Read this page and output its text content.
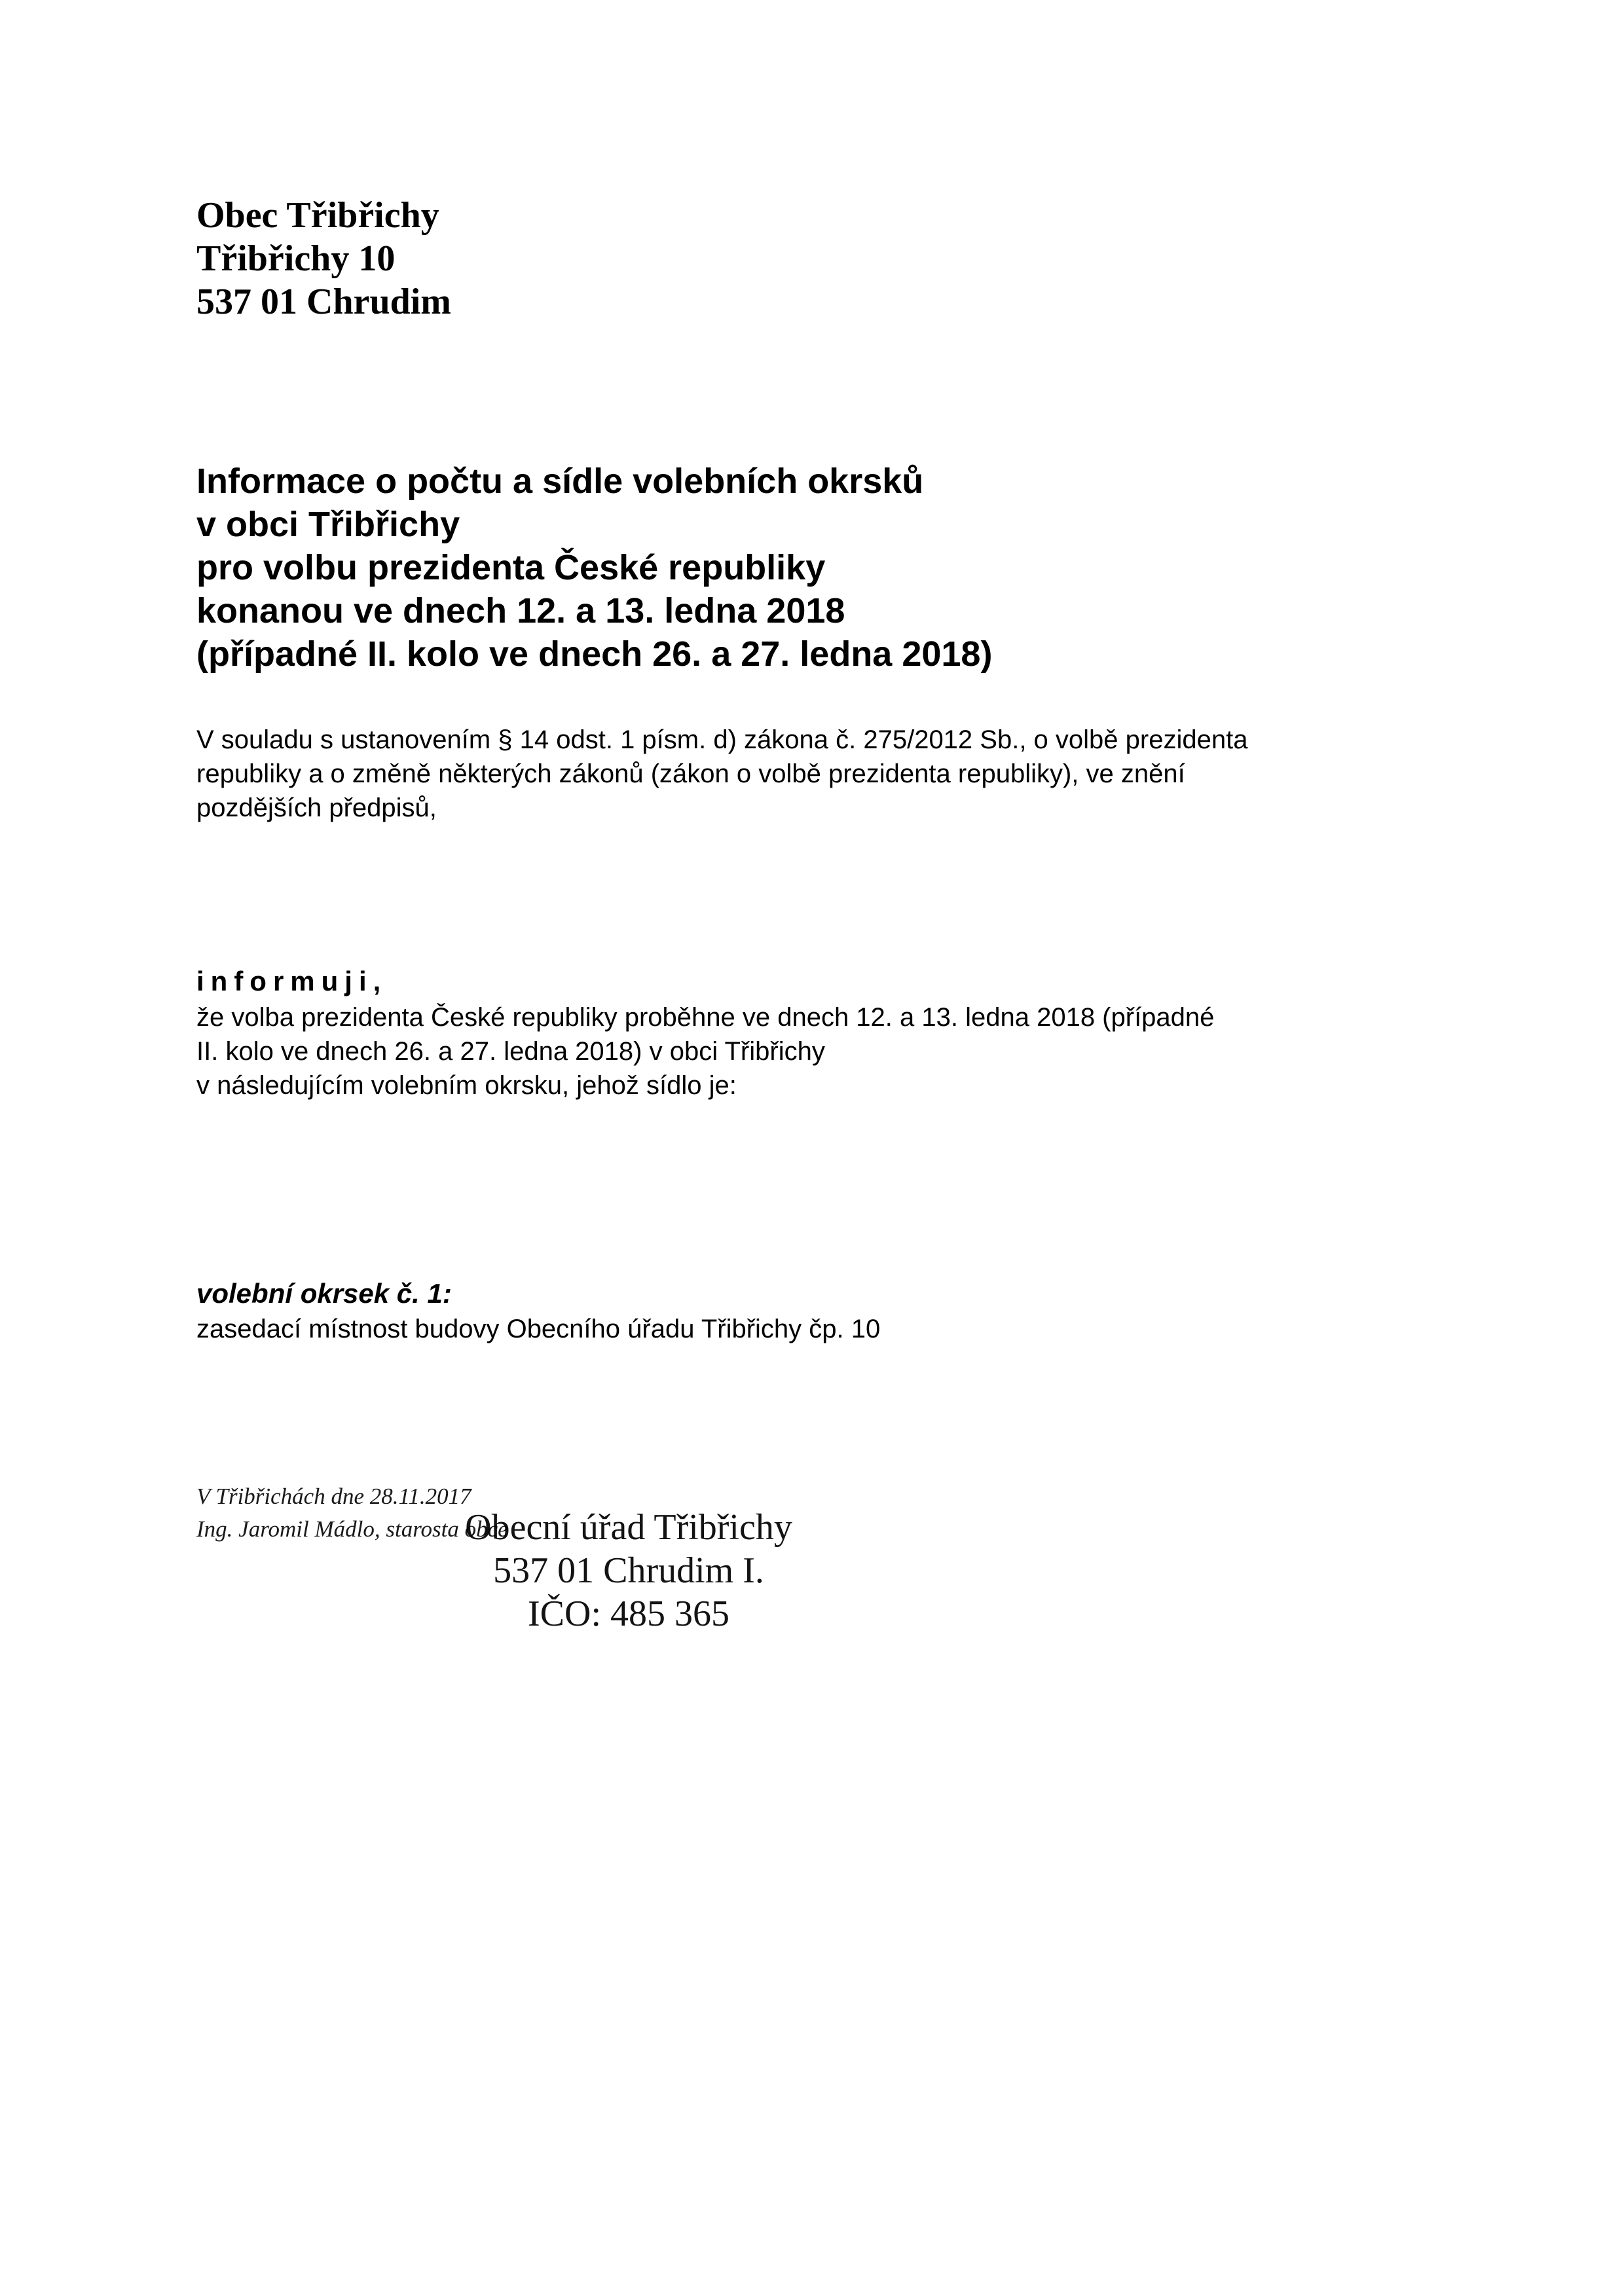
Obec Třibřichy
Třibřichy 10
537 01 Chrudim
Informace o počtu a sídle volebních okrsků
v obci Třibřichy
pro volbu prezidenta České republiky
konanou ve dnech 12. a 13. ledna 2018
(případné II. kolo ve dnech 26. a 27. ledna 2018)
V souladu s ustanovením § 14 odst. 1 písm. d) zákona č. 275/2012 Sb., o volbě prezidenta
republiky a o změně některých zákonů (zákon o volbě prezidenta republiky), ve znění
pozdějších předpisů,
informuji,
že volba prezidenta České republiky proběhne ve dnech 12. a 13. ledna 2018 (případné
II. kolo ve dnech 26. a 27. ledna 2018) v obci Třibřichy
v následujícím volebním okrsku, jehož sídlo je:
volební okrsek č. 1:
zasedací místnost budovy Obecního úřadu Třibřichy čp. 10
V Třibřichách dne 28.11.2017
Ing. Jaromil Mádlo, starosta obce
Obecní úřad Třibřichy
537 01 Chrudim I.
IČO: 485 365
